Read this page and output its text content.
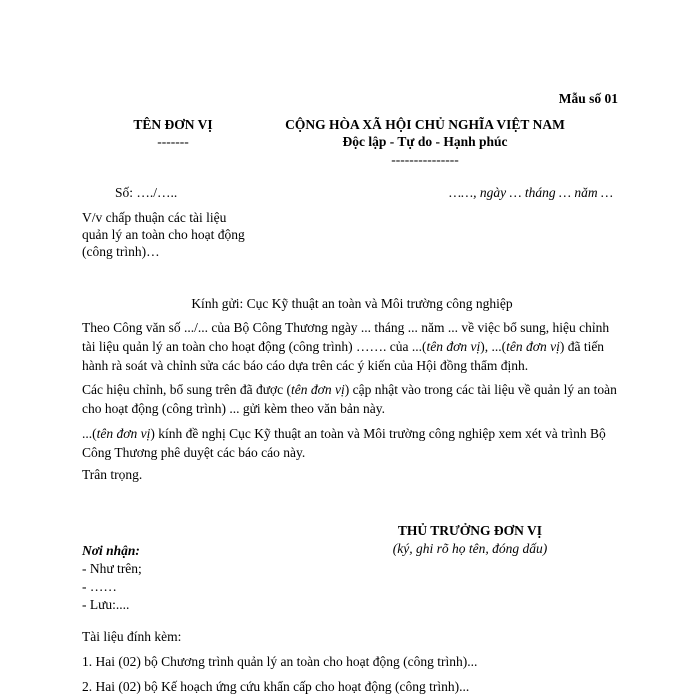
Mẫu số 01
TÊN ĐƠN VỊ
-------
CỘNG HÒA XÃ HỘI CHỦ NGHĨA VIỆT NAM
Độc lập - Tự do - Hạnh phúc
---------------
Số: …./…..	……, ngày … tháng … năm …
V/v chấp thuận các tài liệu
quản lý an toàn cho hoạt động
(công trình)…
Kính gửi: Cục Kỹ thuật an toàn và Môi trường công nghiệp
Theo Công văn số .../... của Bộ Công Thương ngày ... tháng ... năm ... về việc bổ sung, hiệu chỉnh tài liệu quản lý an toàn cho hoạt động (công trình) ……. của ...(tên đơn vị), ...(tên đơn vị) đã tiến hành rà soát và chỉnh sửa các báo cáo dựa trên các ý kiến của Hội đồng thẩm định.
Các hiệu chỉnh, bổ sung trên đã được (tên đơn vị) cập nhật vào trong các tài liệu về quản lý an toàn cho hoạt động (công trình) ... gửi kèm theo văn bản này.
...(tên đơn vị) kính đề nghị Cục Kỹ thuật an toàn và Môi trường công nghiệp xem xét và trình Bộ Công Thương phê duyệt các báo cáo này.
Trân trọng.
THỦ TRƯỞNG ĐƠN VỊ
(ký, ghi rõ họ tên, đóng dấu)
Nơi nhận:
- Như trên;
- ……
- Lưu:....
Tài liệu đính kèm:
1. Hai (02) bộ Chương trình quản lý an toàn cho hoạt động (công trình)...
2. Hai (02) bộ Kế hoạch ứng cứu khẩn cấp cho hoạt động (công trình)...
